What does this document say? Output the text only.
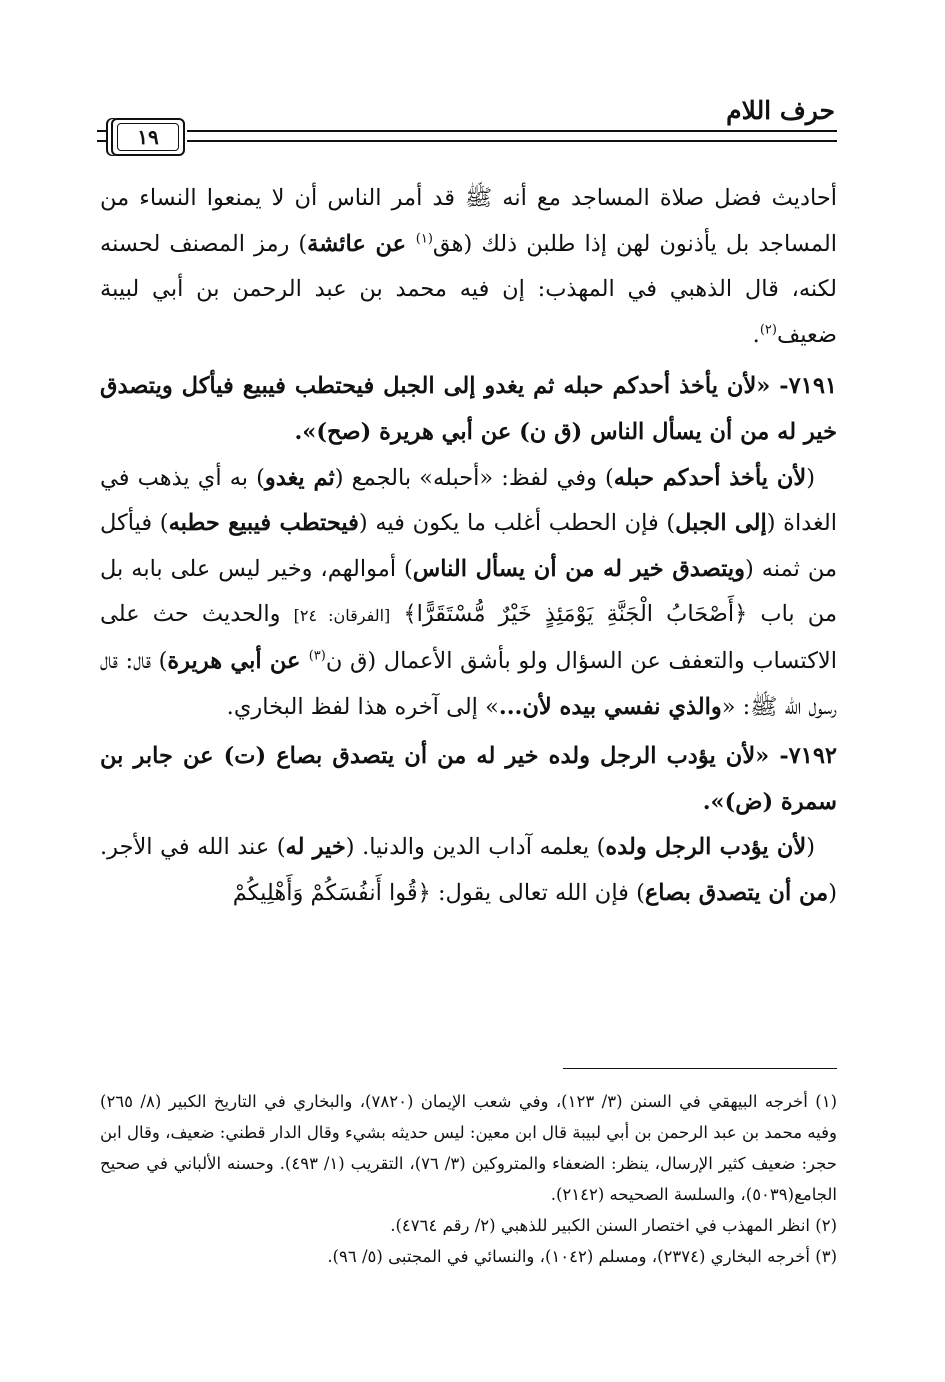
حرف اللام
١٩

أحاديث فضل صلاة المساجد مع أنه ﷺ قد أمر الناس أن لا يمنعوا النساء من المساجد بل يأذنون لهن إذا طلبن ذلك (هق$^{(١)}$ عن عائشة) رمز المصنف لحسنه لكنه، قال الذهبي في المهذب: إن فيه محمد بن عبد الرحمن بن أبي لبيبة ضعيف$^{(٢)}$.

٧١٩١- «لأن يأخذ أحدكم حبله ثم يغدو إلى الجبل فيحتطب فيبيع فيأكل ويتصدق خير له من أن يسأل الناس (ق ن) عن أبي هريرة (صح)».

(لأن يأخذ أحدكم حبله) وفي لفظ: «أحبله» بالجمع (ثم يغدو) به أي يذهب في الغداة (إلى الجبل) فإن الحطب أغلب ما يكون فيه (فيحتطب فيبيع حطبه) فيأكل من ثمنه (ويتصدق خير له من أن يسأل الناس) أموالهم، وخير ليس على بابه بل من باب ﴿أَصْحَابُ الْجَنَّةِ يَوْمَئِذٍ خَيْرٌ مُّسْتَقَرًّا﴾ [الفرقان: ٢٤] والحديث حث على الاكتساب والتعفف عن السؤال ولو بأشق الأعمال (ق ن$^{(٣)}$ عن أبي هريرة) قال: قال رسول الله ﷺ: «والذي نفسي بيده لأن...» إلى آخره هذا لفظ البخاري.

٧١٩٢- «لأن يؤدب الرجل ولده خير له من أن يتصدق بصاع (ت) عن جابر بن سمرة (ض)».

(لأن يؤدب الرجل ولده) يعلمه آداب الدين والدنيا. (خير له) عند الله في الأجر. (من أن يتصدق بصاع) فإن الله تعالى يقول: ﴿قُوا أَنفُسَكُمْ وَأَهْلِيكُمْ

(١) أخرجه البيهقي في السنن (٣/ ١٢٣)، وفي شعب الإيمان (٧٨٢٠)، والبخاري في التاريخ الكبير (٨/ ٢٦٥) وفيه محمد بن عبد الرحمن بن أبي لبيبة قال ابن معين: ليس حديثه بشيء وقال الدار قطني: ضعيف، وقال ابن حجر: ضعيف كثير الإرسال، ينظر: الضعفاء والمتروكين (٣/ ٧٦)، التقريب (١/ ٤٩٣). وحسنه الألباني في صحيح الجامع(٥٠٣٩)، والسلسة الصحيحه (٢١٤٢).

(٢) انظر المهذب في اختصار السنن الكبير للذهبي (٢/ رقم ٤٧٦٤).

(٣) أخرجه البخاري (٢٣٧٤)، ومسلم (١٠٤٢)، والنسائي في المجتبى (٥/ ٩٦).
